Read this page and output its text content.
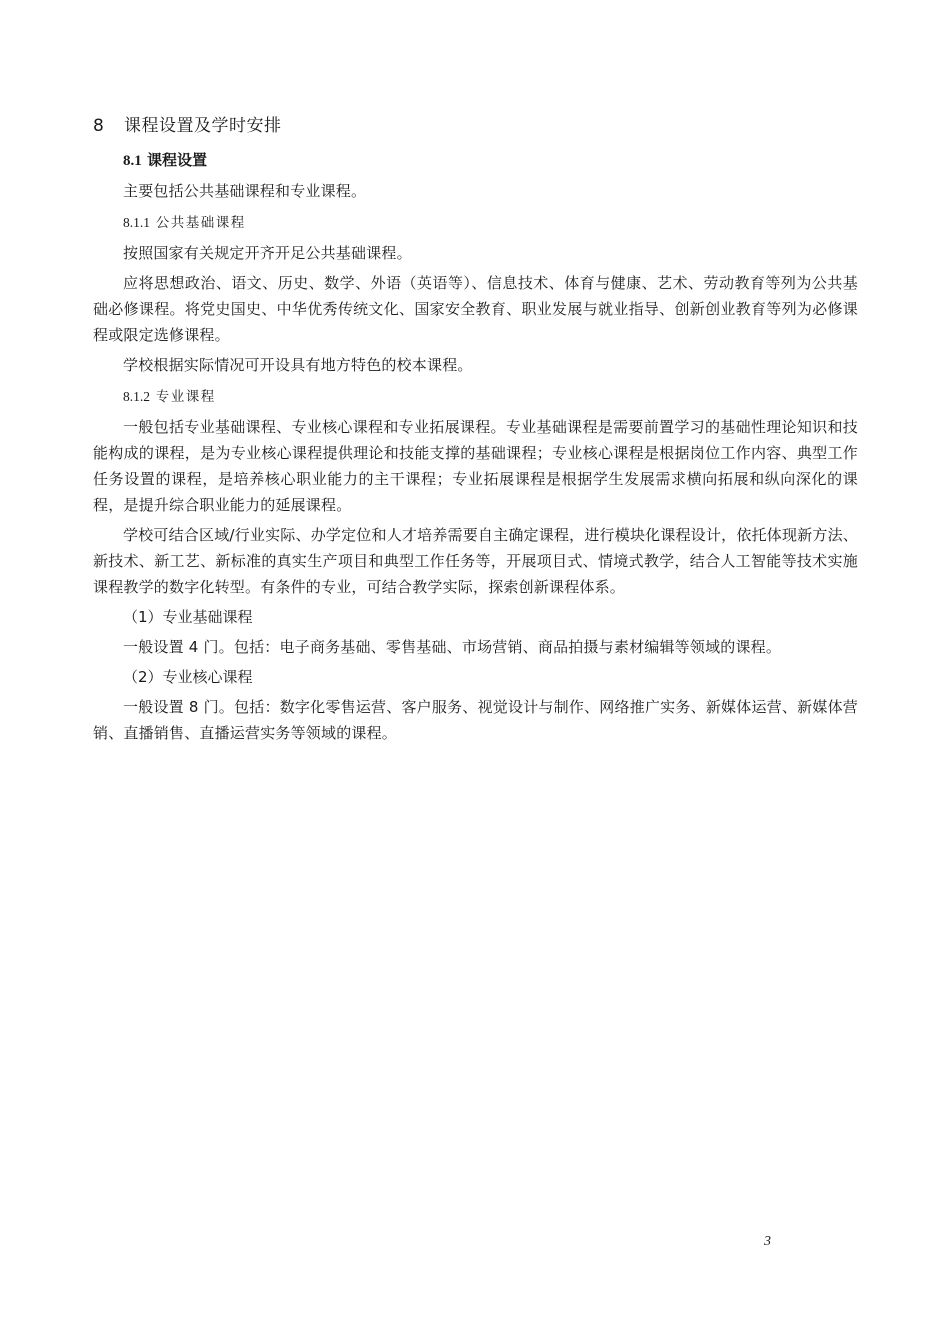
8 课程设置及学时安排
8.1 课程设置

主要包括公共基础课程和专业课程。

8.1.1 公共基础课程

按照国家有关规定开齐开足公共基础课程。

应将思想政治、语文、历史、数学、外语（英语等）、信息技术、体育与健康、艺术、劳动教育等列为公共基础必修课程。将党史国史、中华优秀传统文化、国家安全教育、职业发展与就业指导、创新创业教育等列为必修课程或限定选修课程。

学校根据实际情况可开设具有地方特色的校本课程。

8.1.2 专业课程

一般包括专业基础课程、专业核心课程和专业拓展课程。专业基础课程是需要前置学习的基础性理论知识和技能构成的课程，是为专业核心课程提供理论和技能支撑的基础课程；专业核心课程是根据岗位工作内容、典型工作任务设置的课程，是培养核心职业能力的主干课程；专业拓展课程是根据学生发展需求横向拓展和纵向深化的课程，是提升综合职业能力的延展课程。

学校可结合区域/行业实际、办学定位和人才培养需要自主确定课程，进行模块化课程设计，依托体现新方法、新技术、新工艺、新标准的真实生产项目和典型工作任务等，开展项目式、情境式教学，结合人工智能等技术实施课程教学的数字化转型。有条件的专业，可结合教学实际，探索创新课程体系。

（1）专业基础课程

一般设置 4 门。包括：电子商务基础、零售基础、市场营销、商品拍摄与素材编辑等领域的课程。

（2）专业核心课程

一般设置 8 门。包括：数字化零售运营、客户服务、视觉设计与制作、网络推广实务、新媒体运营、新媒体营销、直播销售、直播运营实务等领域的课程。

3
